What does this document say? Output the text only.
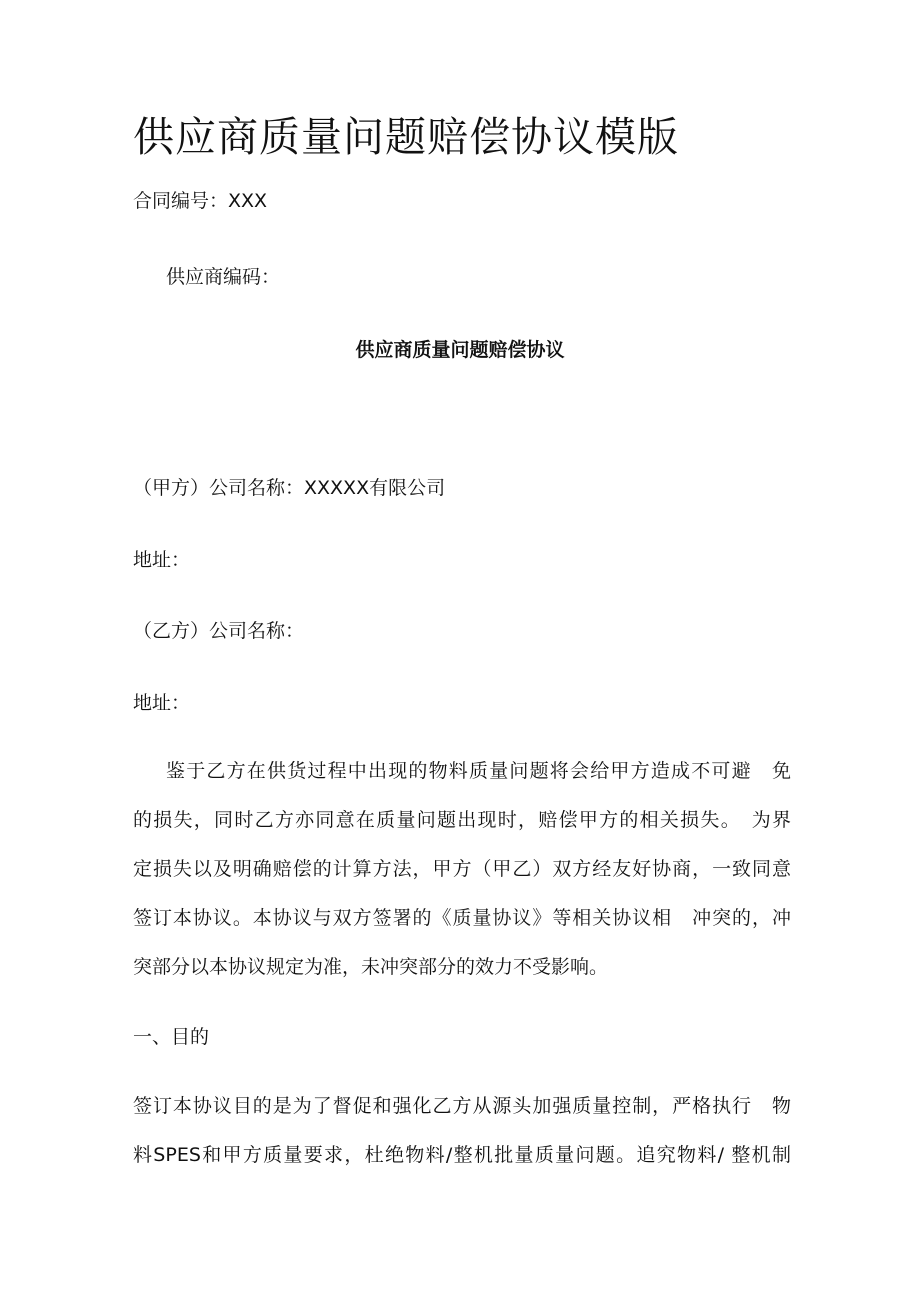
供应商质量问题赔偿协议模版

合同编号：XXX

供应商编码：

供应商质量问题赔偿协议

（甲方）公司名称：XXXXX有限公司

地址：

（乙方）公司名称：

地址：

鉴于乙方在供货过程中出现的物料质量问题将会给甲方造成不可避　免
的损失，同时乙方亦同意在质量问题出现时，赔偿甲方的相关损失。　为界
定损失以及明确赔偿的计算方法，甲方（甲乙）双方经友好协商，一致同意
签订本协议。本协议与双方签署的《质量协议》等相关协议相　冲突的，冲
突部分以本协议规定为准，未冲突部分的效力不受影响。

一、目的

签订本协议目的是为了督促和强化乙方从源头加强质量控制，严格执行　物
料SPES和甲方质量要求，杜绝物料/整机批量质量问题。追究物料/ 整机制
